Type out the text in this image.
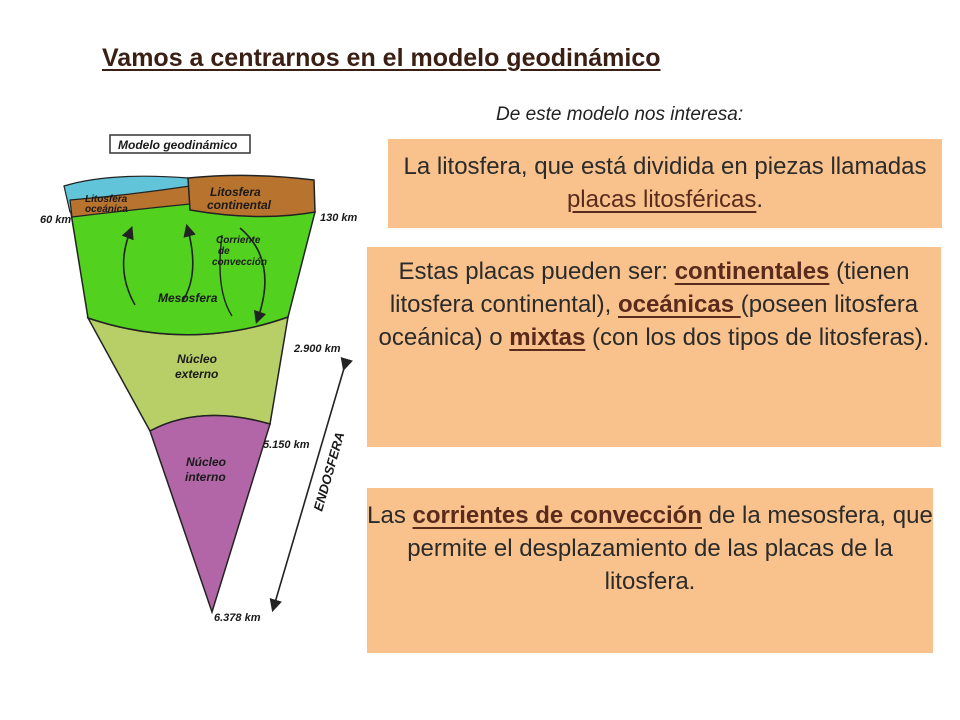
Vamos a centrarnos en el modelo geodinámico
De este modelo nos interesa:
La litosfera, que está dividida en piezas llamadas placas litosféricas.
Estas placas pueden ser: continentales (tienen litosfera continental), oceánicas (poseen litosfera oceánica) o mixtas (con los dos tipos de litosferas).
Las corrientes de convección de la mesosfera, que permite el desplazamiento de las placas de la litosfera.
Modelo geodinámico
Litosfera
oceánica
Litosfera
continental
Corriente
de
convección
Mesosfera
Núcleo
externo
Núcleo
interno
60 km	130 km
2.900 km
5.150 km
6.378 km
ENDOSFERA
